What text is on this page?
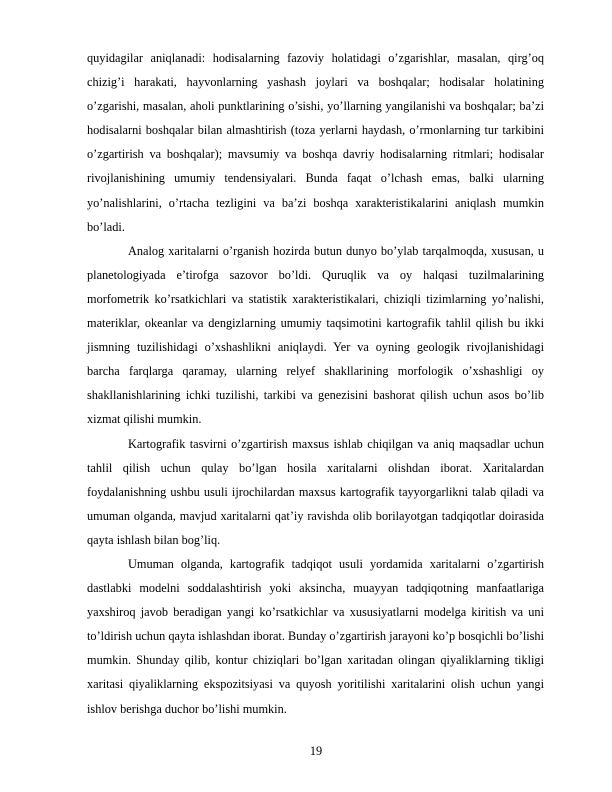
quyidagilar aniqlanadi: hodisalarning fazoviy holatidagi o’zgarishlar, masalan, qirg’oq chizig’i harakati, hayvonlarning yashash joylari va boshqalar; hodisalar holatining o’zgarishi, masalan, aholi punktlarining o’sishi, yo’llarning yangilanishi va boshqalar; ba’zi hodisalarni boshqalar bilan almashtirish (toza yerlarni haydash, o’rmonlarning tur tarkibini o’zgartirish va boshqalar); mavsumiy va boshqa davriy hodisalarning ritmlari; hodisalar rivojlanishining umumiy tendensiyalari. Bunda faqat o’lchash emas, balki ularning yo’nalishlarini, o’rtacha tezligini va ba’zi boshqa xarakteristikalarini aniqlash mumkin bo’ladi.

Analog xaritalarni o’rganish hozirda butun dunyo bo’ylab tarqalmoqda, xususan, u planetologiyada e’tirofga sazovor bo’ldi. Quruqlik va oy halqasi tuzilmalarining morfometrik ko’rsatkichlari va statistik xarakteristikalari, chiziqli tizimlarning yo’nalishi, materiklar, okeanlar va dengizlarning umumiy taqsimotini kartografik tahlil qilish bu ikki jismning tuzilishidagi o’xshashlikni aniqlaydi. Yer va oyning geologik rivojlanishidagi barcha farqlarga qaramay, ularning relyef shakllarining morfologik o’xshashligi oy shakllanishlarining ichki tuzilishi, tarkibi va genezisini bashorat qilish uchun asos bo’lib xizmat qilishi mumkin.

Kartografik tasvirni o’zgartirish maxsus ishlab chiqilgan va aniq maqsadlar uchun tahlil qilish uchun qulay bo’lgan hosila xaritalarni olishdan iborat. Xaritalardan foydalanishning ushbu usuli ijrochilardan maxsus kartografik tayyorgarlikni talab qiladi va umuman olganda, mavjud xaritalarni qat’iy ravishda olib borilayotgan tadqiqotlar doirasida qayta ishlash bilan bog’liq.

Umuman olganda, kartografik tadqiqot usuli yordamida xaritalarni o’zgartirish dastlabki modelni soddalashtirish yoki aksincha, muayyan tadqiqotning manfaatlariga yaxshiroq javob beradigan yangi ko’rsatkichlar va xususiyatlarni modelga kiritish va uni to’ldirish uchun qayta ishlashdan iborat. Bunday o’zgartirish jarayoni ko’p bosqichli bo’lishi mumkin. Shunday qilib, kontur chiziqlari bo’lgan xaritadan olingan qiyaliklarning tikligi xaritasi qiyaliklarning ekspozitsiyasi va quyosh yoritilishi xaritalarini olish uchun yangi ishlov berishga duchor bo’lishi mumkin.

19
